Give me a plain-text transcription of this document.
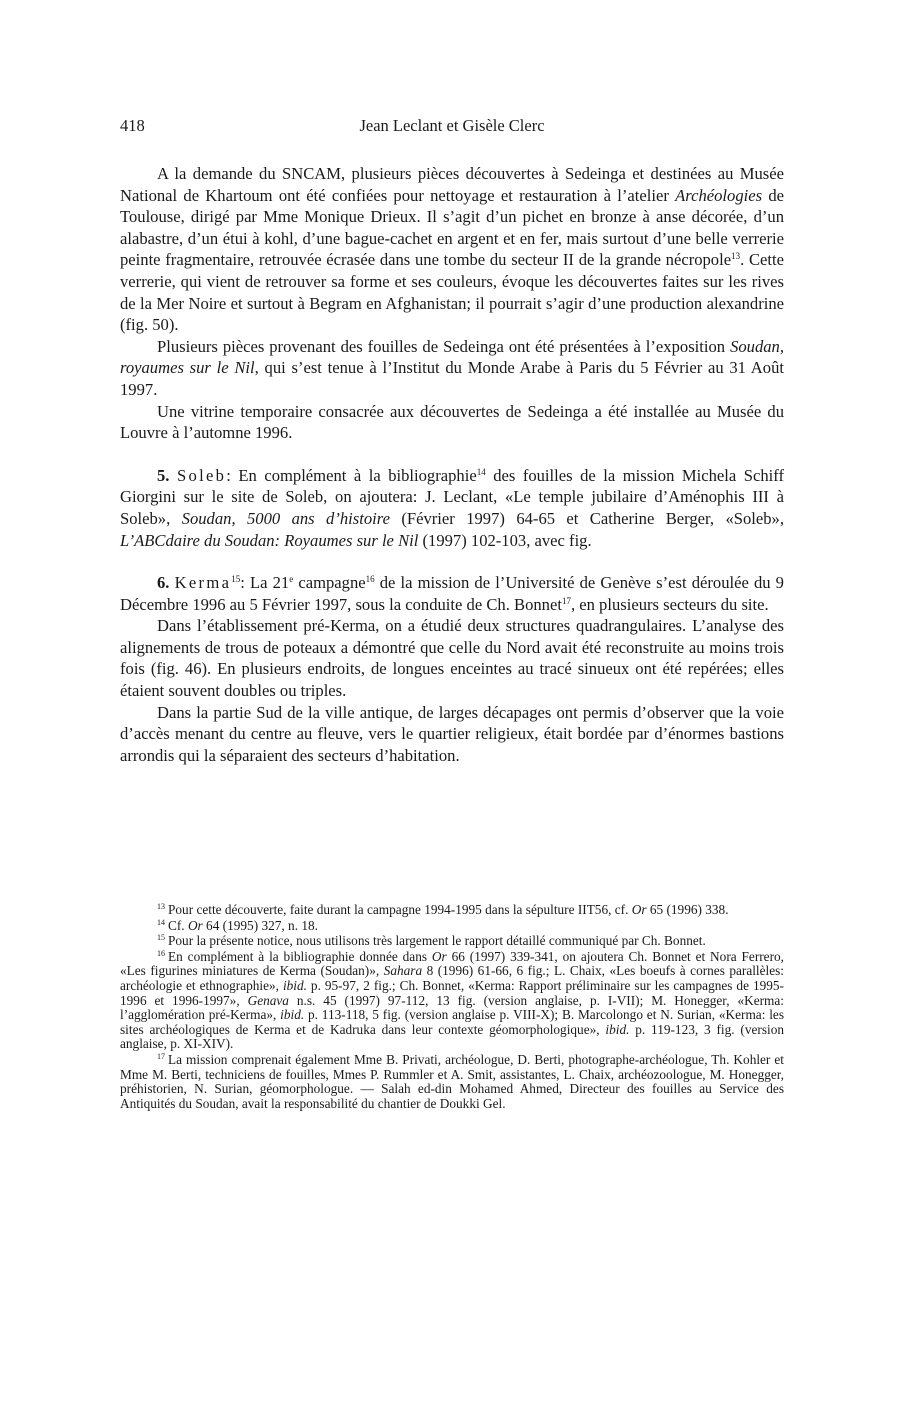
418	Jean Leclant et Gisèle Clerc

A la demande du SNCAM, plusieurs pièces découvertes à Sedeinga et destinées au Musée National de Khartoum ont été confiées pour nettoyage et restauration à l’atelier Archéologies de Toulouse, dirigé par Mme Monique Drieux. Il s’agit d’un pichet en bronze à anse décorée, d’un alabastre, d’un étui à kohl, d’une bague-cachet en argent et en fer, mais surtout d’une belle verrerie peinte fragmentaire, retrouvée écrasée dans une tombe du secteur II de la grande nécropole$^{13}$. Cette verrerie, qui vient de retrouver sa forme et ses couleurs, évoque les découvertes faites sur les rives de la Mer Noire et surtout à Begram en Afghanistan; il pourrait s’agir d’une production alexandrine (fig. 50).

Plusieurs pièces provenant des fouilles de Sedeinga ont été présentées à l’exposition Soudan, royaumes sur le Nil, qui s’est tenue à l’Institut du Monde Arabe à Paris du 5 Février au 31 Août 1997.

Une vitrine temporaire consacrée aux découvertes de Sedeinga a été installée au Musée du Louvre à l’automne 1996.

5. Soleb: En complément à la bibliographie$^{14}$ des fouilles de la mission Michela Schiff Giorgini sur le site de Soleb, on ajoutera: J. Leclant, «Le temple jubilaire d’Aménophis III à Soleb», Soudan, 5000 ans d’histoire (Février 1997) 64-65 et Catherine Berger, «Soleb», L’ABCdaire du Soudan: Royaumes sur le Nil (1997) 102-103, avec fig.

6. Kerma$^{15}$: La 21e campagne$^{16}$ de la mission de l’Université de Genève s’est déroulée du 9 Décembre 1996 au 5 Février 1997, sous la conduite de Ch. Bonnet$^{17}$, en plusieurs secteurs du site.

Dans l’établissement pré-Kerma, on a étudié deux structures quadrangulaires. L’analyse des alignements de trous de poteaux a démontré que celle du Nord avait été reconstruite au moins trois fois (fig. 46). En plusieurs endroits, de longues enceintes au tracé sinueux ont été repérées; elles étaient souvent doubles ou triples.

Dans la partie Sud de la ville antique, de larges décapages ont permis d’observer que la voie d’accès menant du centre au fleuve, vers le quartier religieux, était bordée par d’énormes bastions arrondis qui la séparaient des secteurs d’habitation.

$^{13}$ Pour cette découverte, faite durant la campagne 1994-1995 dans la sépulture IIT56, cf. Or 65 (1996) 338.

$^{14}$ Cf. Or 64 (1995) 327, n. 18.

$^{15}$ Pour la présente notice, nous utilisons très largement le rapport détaillé communiqué par Ch. Bonnet.

$^{16}$ En complément à la bibliographie donnée dans Or 66 (1997) 339-341, on ajoutera Ch. Bonnet et Nora Ferrero, «Les figurines miniatures de Kerma (Soudan)», Sahara 8 (1996) 61-66, 6 fig.; L. Chaix, «Les boeufs à cornes parallèles: archéologie et ethnographie», ibid. p. 95-97, 2 fig.; Ch. Bonnet, «Kerma: Rapport préliminaire sur les campagnes de 1995-1996 et 1996-1997», Genava n.s. 45 (1997) 97-112, 13 fig. (version anglaise, p. I-VII); M. Honegger, «Kerma: l’agglomération pré-Kerma», ibid. p. 113-118, 5 fig. (version anglaise p. VIII-X); B. Marcolongo et N. Surian, «Kerma: les sites archéologiques de Kerma et de Kadruka dans leur contexte géomorphologique», ibid. p. 119-123, 3 fig. (version anglaise, p. XI-XIV).

$^{17}$ La mission comprenait également Mme B. Privati, archéologue, D. Berti, photographe-archéologue, Th. Kohler et Mme M. Berti, techniciens de fouilles, Mmes P. Rummler et A. Smit, assistantes, L. Chaix, archéozoologue, M. Honegger, préhistorien, N. Surian, géomorphologue. — Salah ed-din Mohamed Ahmed, Directeur des fouilles au Service des Antiquités du Soudan, avait la responsabilité du chantier de Doukki Gel.
